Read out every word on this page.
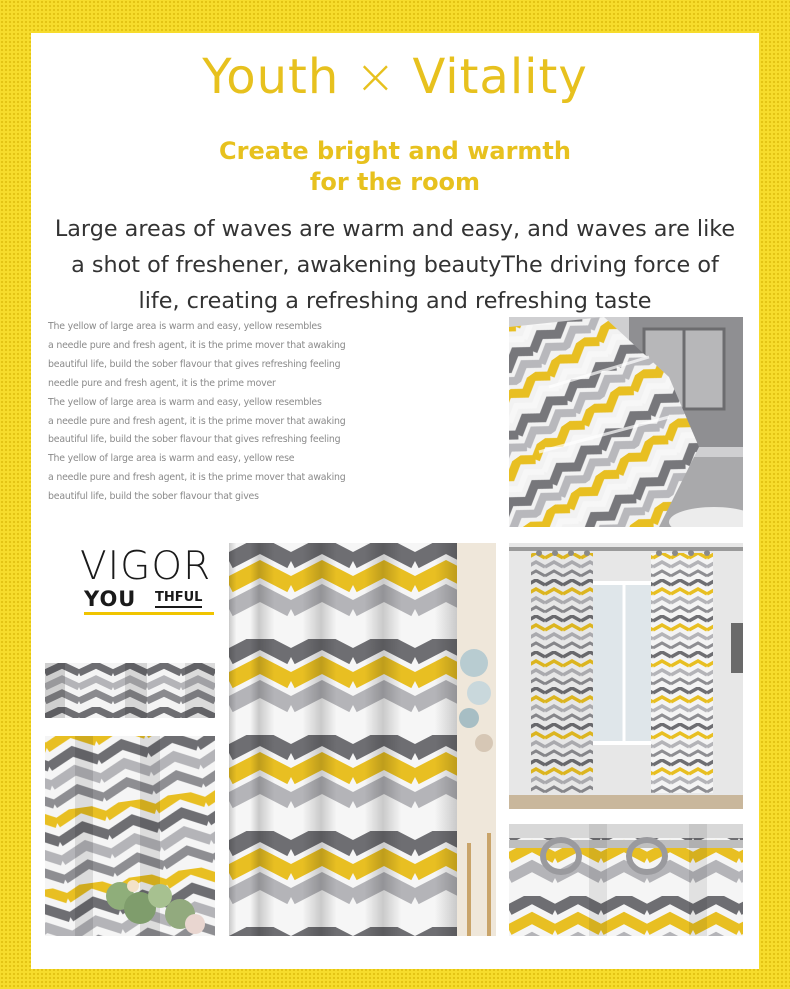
Youth × Vitality
Create bright and warmth
for the room

Large areas of waves are warm and easy, and waves are like a shot of freshener, awakening beautyThe driving force of life, creating a refreshing and refreshing taste

The yellow of large area is warm and easy, yellow resembles

a needle pure and fresh agent, it is the prime mover that awaking

beautiful life, build the sober flavour that gives refreshing feeling

needle pure and fresh agent, it is the prime mover

The yellow of large area is warm and easy, yellow resembles

a needle pure and fresh agent, it is the prime mover that awaking

beautiful life, build the sober flavour that gives refreshing feeling

The yellow of large area is warm and easy, yellow rese

a needle pure and fresh agent, it is the prime mover that awaking

beautiful life, build the sober flavour that gives

VIGOR
YOU THFUL
